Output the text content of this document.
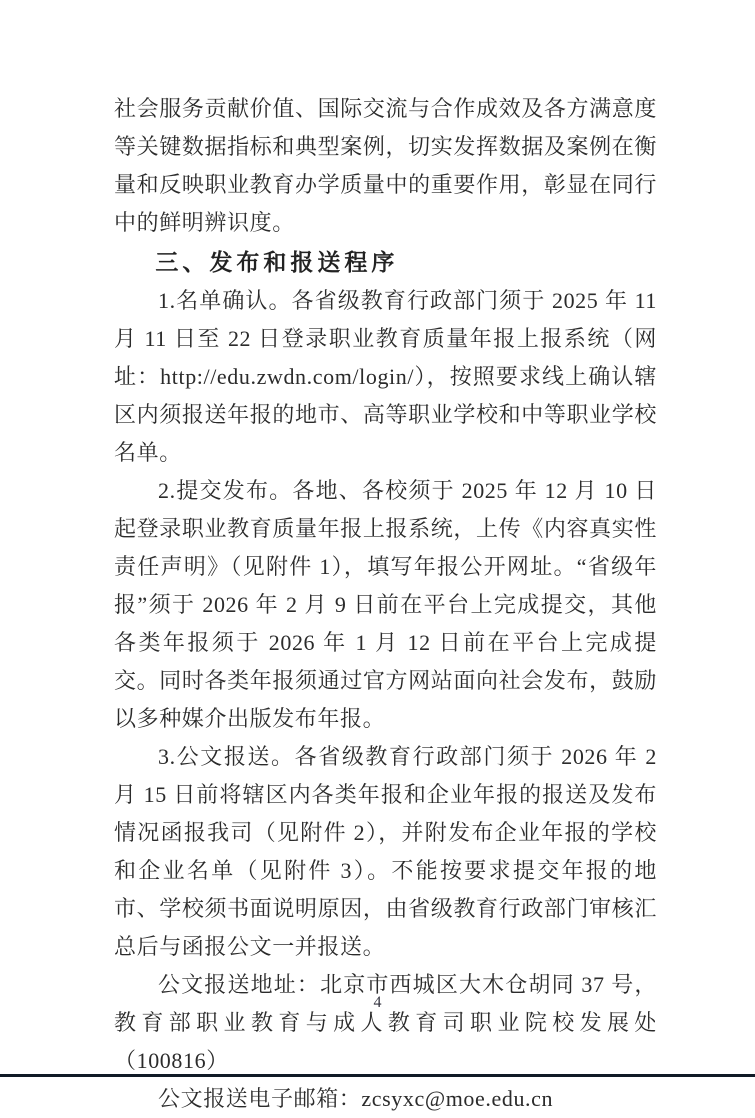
社会服务贡献价值、国际交流与合作成效及各方满意度等关键数据指标和典型案例，切实发挥数据及案例在衡量和反映职业教育办学质量中的重要作用，彰显在同行中的鲜明辨识度。

三、发布和报送程序

1.名单确认。各省级教育行政部门须于 2025 年 11 月 11 日至 22 日登录职业教育质量年报上报系统（网址：http://edu.zwdn.com/login/），按照要求线上确认辖区内须报送年报的地市、高等职业学校和中等职业学校名单。

2.提交发布。各地、各校须于 2025 年 12 月 10 日起登录职业教育质量年报上报系统，上传《内容真实性责任声明》（见附件 1），填写年报公开网址。“省级年报”须于 2026 年 2 月 9 日前在平台上完成提交，其他各类年报须于 2026 年 1 月 12 日前在平台上完成提交。同时各类年报须通过官方网站面向社会发布，鼓励以多种媒介出版发布年报。

3.公文报送。各省级教育行政部门须于 2026 年 2 月 15 日前将辖区内各类年报和企业年报的报送及发布情况函报我司（见附件 2），并附发布企业年报的学校和企业名单（见附件 3）。不能按要求提交年报的地市、学校须书面说明原因，由省级教育行政部门审核汇总后与函报公文一并报送。

公文报送地址：北京市西城区大木仓胡同 37 号，教育部职业教育与成人教育司职业院校发展处（100816）

公文报送电子邮箱：zcsyxc@moe.edu.cn

4
